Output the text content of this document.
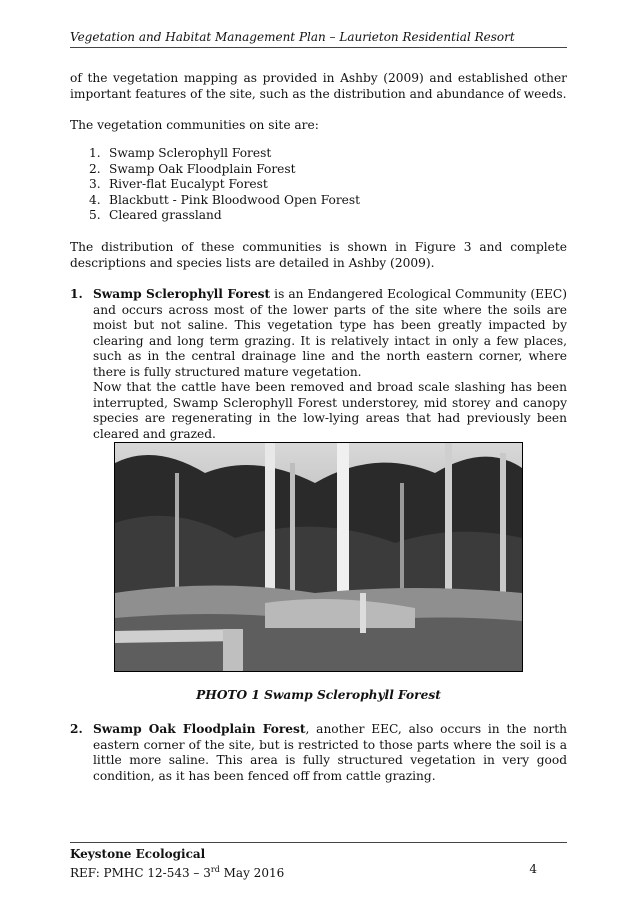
Vegetation and Habitat Management Plan – Laurieton Residential Resort
of the vegetation mapping as provided in Ashby (2009) and established other important features of the site, such as the distribution and abundance of weeds.
The vegetation communities on site are:
1. Swamp Sclerophyll Forest
2. Swamp Oak Floodplain Forest
3. River-flat Eucalypt Forest
4. Blackbutt - Pink Bloodwood Open Forest
5. Cleared grassland
The distribution of these communities is shown in Figure 3 and complete descriptions and species lists are detailed in Ashby (2009).
1. Swamp Sclerophyll Forest is an Endangered Ecological Community (EEC) and occurs across most of the lower parts of the site where the soils are moist but not saline. This vegetation type has been greatly impacted by clearing and long term grazing. It is relatively intact in only a few places, such as in the central drainage line and the north eastern corner, where there is fully structured mature vegetation.
Now that the cattle have been removed and broad scale slashing has been interrupted, Swamp Sclerophyll Forest understorey, mid storey and canopy species are regenerating in the low-lying areas that had previously been cleared and grazed.
PHOTO 1 Swamp Sclerophyll Forest
2. Swamp Oak Floodplain Forest, another EEC, also occurs in the north eastern corner of the site, but is restricted to those parts where the soil is a little more saline. This area is fully structured vegetation in very good condition, as it has been fenced off from cattle grazing.
Keystone Ecological
REF: PMHC 12-543 – 3rd May 2016	4
